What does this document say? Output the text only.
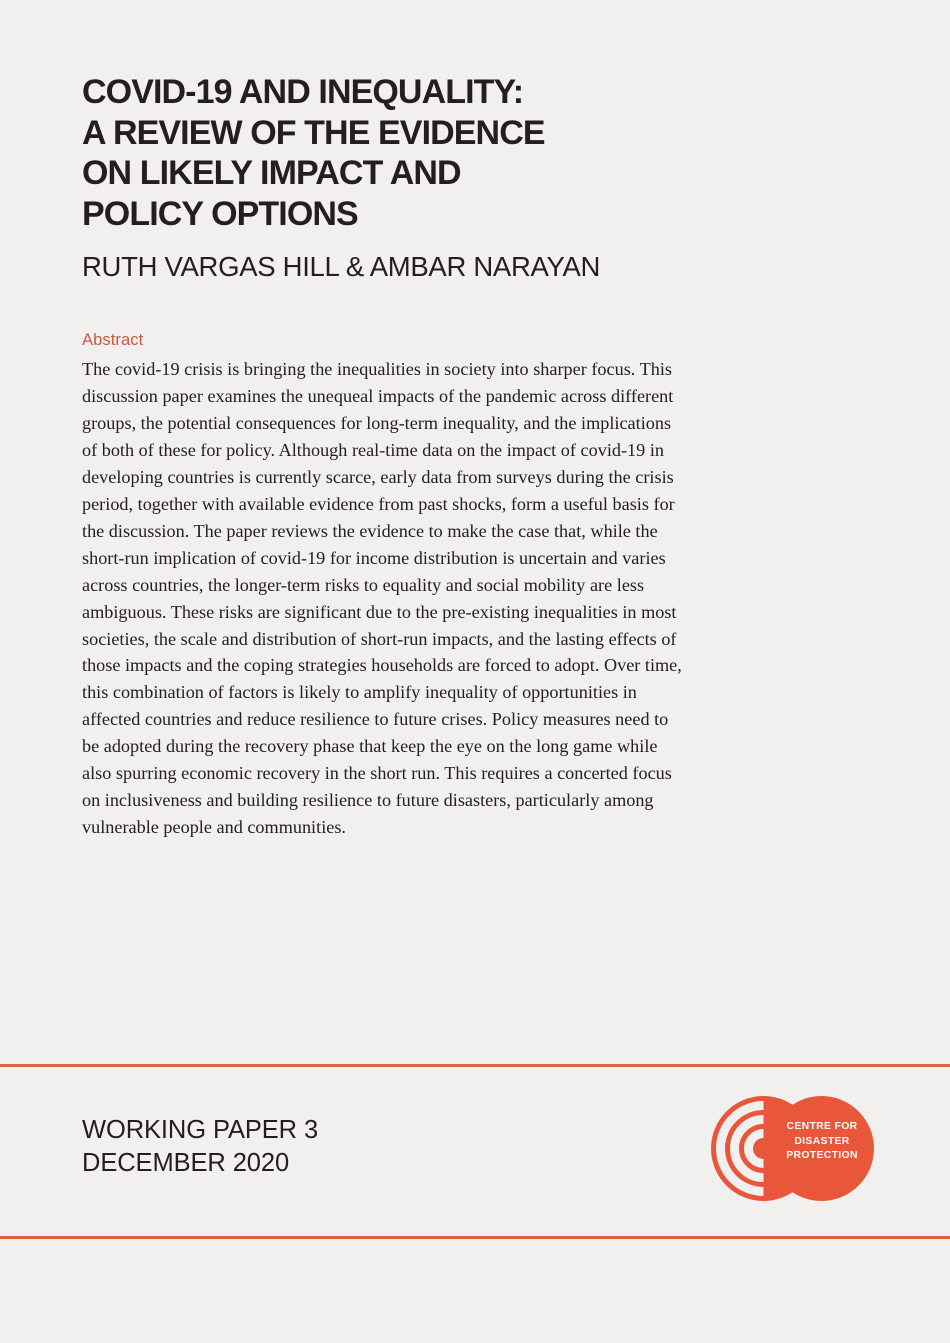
COVID-19 AND INEQUALITY:
A REVIEW OF THE EVIDENCE
ON LIKELY IMPACT AND
POLICY OPTIONS

RUTH VARGAS HILL & AMBAR NARAYAN

Abstract

The covid-19 crisis is bringing the inequalities in society into sharper focus. This discussion paper examines the unequeal impacts of the pandemic across different groups, the potential consequences for long-term inequality, and the implications of both of these for policy. Although real-time data on the impact of covid-19 in developing countries is currently scarce, early data from surveys during the crisis period, together with available evidence from past shocks, form a useful basis for the discussion. The paper reviews the evidence to make the case that, while the short-run implication of covid-19 for income distribution is uncertain and varies across countries, the longer-term risks to equality and social mobility are less ambiguous. These risks are significant due to the pre-existing inequalities in most societies, the scale and distribution of short-run impacts, and the lasting effects of those impacts and the coping strategies households are forced to adopt. Over time, this combination of factors is likely to amplify inequality of opportunities in affected countries and reduce resilience to future crises. Policy measures need to be adopted during the recovery phase that keep the eye on the long game while also spurring economic recovery in the short run. This requires a concerted focus on inclusiveness and building resilience to future disasters, particularly among vulnerable people and communities.

WORKING PAPER 3
DECEMBER 2020
CENTRE FOR
DISASTER
PROTECTION
